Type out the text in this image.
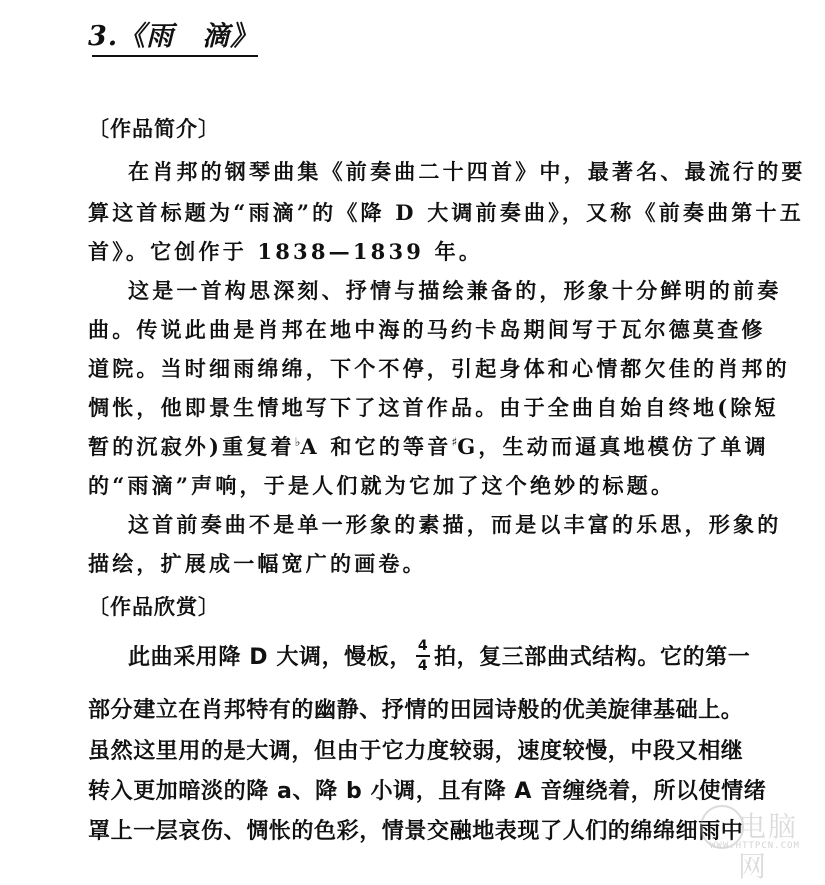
3.《雨　滴》
〔作品简介〕
在肖邦的钢琴曲集《前奏曲二十四首》中，最著名、最流行的要
算这首标题为“雨滴”的《降 D 大调前奏曲》，又称《前奏曲第十五
首》。它创作于 1838—1839 年。
这是一首构思深刻、抒情与描绘兼备的，形象十分鲜明的前奏
曲。传说此曲是肖邦在地中海的马约卡岛期间写于瓦尔德莫查修
道院。当时细雨绵绵，下个不停，引起身体和心情都欠佳的肖邦的
惆怅，他即景生情地写下了这首作品。由于全曲自始自终地(除短
暂的沉寂外)重复着♭A 和它的等音♯G，生动而逼真地模仿了单调
的“雨滴”声响，于是人们就为它加了这个绝妙的标题。
这首前奏曲不是单一形象的素描，而是以丰富的乐思，形象的
描绘，扩展成一幅宽广的画卷。
〔作品欣赏〕
此曲采用降 D 大调，慢板， $\frac{4}{4}$ 拍，复三部曲式结构。它的第一
部分建立在肖邦特有的幽静、抒情的田园诗般的优美旋律基础上。
虽然这里用的是大调，但由于它力度较弱，速度较慢，中段又相继
转入更加暗淡的降 a、降 b 小调，且有降 A 音缠绕着，所以使情绪
罩上一层哀伤、惆怅的色彩，情景交融地表现了人们的绵绵细雨中
电脑网
WWW.HTTPCN.COM
